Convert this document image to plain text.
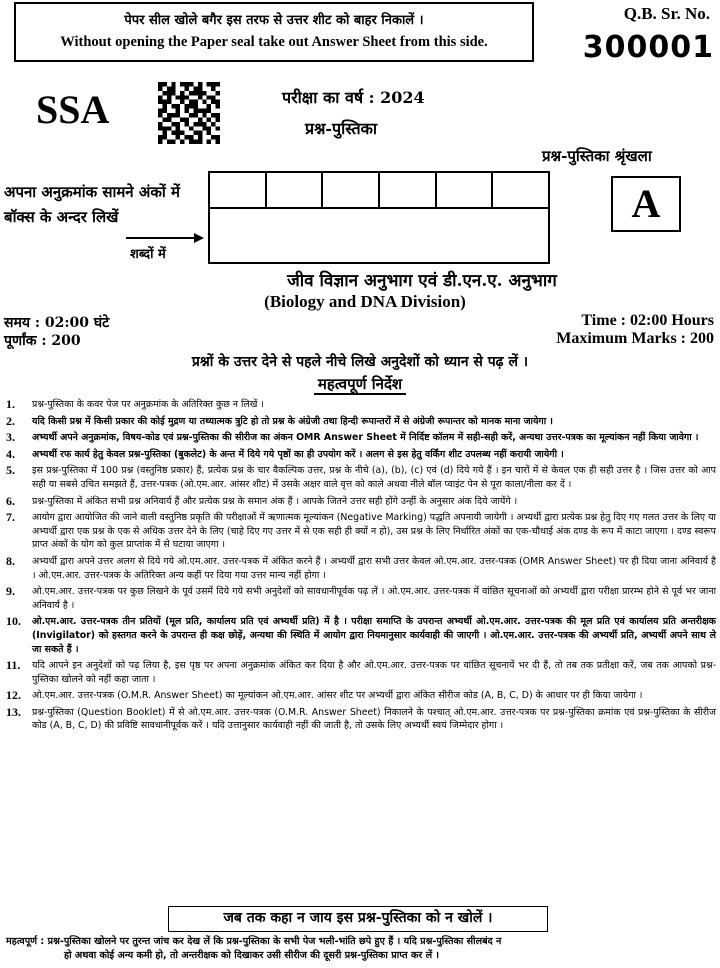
पेपर सील खोले बगैर इस तरफ से उत्तर शीट को बाहर निकालें ।
Without opening the Paper seal take out Answer Sheet from this side.
Q.B. Sr. No.
300001
SSA	परीक्षा का वर्ष : 2024
प्रश्न-पुस्तिका
प्रश्न-पुस्तिका श्रृंखला
A
अपना अनुक्रमांक सामने अंकों में
बॉक्स के अन्दर लिखें
शब्दों में
जीव विज्ञान अनुभाग एवं डी.एन.ए. अनुभाग
(Biology and DNA Division)
समय : 02:00 घंटे
पूर्णांक : 200
Time : 02:00 Hours
Maximum Marks : 200
प्रश्नों के उत्तर देने से पहले नीचे लिखे अनुदेशों को ध्यान से पढ़ लें ।
महत्वपूर्ण निर्देश
1.	प्रश्न-पुस्तिका के कवर पेज पर अनुक्रमांक के अतिरिक्त कुछ न लिखें ।
2.	यदि किसी प्रश्न में किसी प्रकार की कोई मुद्रण या तथ्यात्मक त्रुटि हो तो प्रश्न के अंग्रेजी तथा हिन्दी रूपान्तरों में से अंग्रेजी रूपान्तर को मानक माना जायेगा ।
3.	अभ्यर्थी अपने अनुक्रमांक, विषय-कोड एवं प्रश्न-पुस्तिका की सीरीज का अंकन OMR Answer Sheet में निर्दिष्ट कॉलम में सही-सही करें, अन्यथा उत्तर-पत्रक का मूल्यांकन नहीं किया जावेगा ।
4.	अभ्यर्थी रफ कार्य हेतु केवल प्रश्न-पुस्तिका (बुकलेट) के अन्त में दिये गये पृष्ठों का ही उपयोग करें । अलग से इस हेतु वर्किंग शीट उपलब्ध नहीं करायी जायेगी ।
5.	इस प्रश्न-पुस्तिका में 100 प्रश्न (वस्तुनिष्ठ प्रकार) हैं, प्रत्येक प्रश्न के चार वैकल्पिक उत्तर, प्रश्न के नीचे (a), (b), (c) एवं (d) दिये गये हैं । इन चारों में से केवल एक ही सही उत्तर है । जिस उत्तर को आप सही या सबसे उचित समझते हैं, उत्तर-पत्रक (ओ.एम.आर. आंसर शीट) में उसके अक्षर वाले वृत्त को काले अथवा नीले बॉल प्वाइंट पेन से पूरा काला/नीला कर दें ।
6.	प्रश्न-पुस्तिका में अंकित सभी प्रश्न अनिवार्य हैं और प्रत्येक प्रश्न के समान अंक हैं । आपके जितने उत्तर सही होंगे उन्हीं के अनुसार अंक दिये जायेंगे ।
7.	आयोग द्वारा आयोजित की जाने वाली वस्तुनिष्ठ प्रकृति की परीक्षाओं में ऋणात्मक मूल्यांकन (Negative Marking) पद्धति अपनायी जायेगी । अभ्यर्थी द्वारा प्रत्येक प्रश्न हेतु दिए गए गलत उत्तर के लिए या अभ्यर्थी द्वारा एक प्रश्न के एक से अधिक उत्तर देने के लिए (चाहे दिए गए उत्तर में से एक सही ही क्यों न हो), उस प्रश्न के लिए निर्धारित अंकों का एक-चौथाई अंक दण्ड के रूप में काटा जाएगा । दण्ड स्वरूप प्राप्त अंकों के योग को कुल प्राप्तांक में से घटाया जाएगा ।
8.	अभ्यर्थी द्वारा अपने उत्तर अलग से दिये गये ओ.एम.आर. उत्तर-पत्रक में अंकित करने हैं । अभ्यर्थी द्वारा सभी उत्तर केवल ओ.एम.आर. उत्तर-पत्रक (OMR Answer Sheet) पर ही दिया जाना अनिवार्य है । ओ.एम.आर. उत्तर-पत्रक के अतिरिक्त अन्य कहीं पर दिया गया उत्तर मान्य नहीं होगा ।
9.	ओ.एम.आर. उत्तर-पत्रक पर कुछ लिखने के पूर्व उसमें दिये गये सभी अनुदेशों को सावधानीपूर्वक पढ़ लें । ओ.एम.आर. उत्तर-पत्रक में वांछित सूचनाओं को अभ्यर्थी द्वारा परीक्षा प्रारम्भ होने से पूर्व भर जाना अनिवार्य है ।
10.	ओ.एम.आर. उत्तर-पत्रक तीन प्रतियों (मूल प्रति, कार्यालय प्रति एवं अभ्यर्थी प्रति) में है । परीक्षा समाप्ति के उपरान्त अभ्यर्थी ओ.एम.आर. उत्तर-पत्रक की मूल प्रति एवं कार्यालय प्रति अन्तरीक्षक (Invigilator) को हस्तगत करने के उपरान्त ही कक्ष छोड़ें, अन्यथा की स्थिति में आयोग द्वारा नियमानुसार कार्यवाही की जाएगी । ओ.एम.आर. उत्तर-पत्रक की अभ्यर्थी प्रति, अभ्यर्थी अपने साथ ले जा सकते हैं ।
11.	यदि आपने इन अनुदेशों को पढ़ लिया है, इस पृष्ठ पर अपना अनुक्रमांक अंकित कर दिया है और ओ.एम.आर. उत्तर-पत्रक पर वांछित सूचनायें भर दी हैं, तो तब तक प्रतीक्षा करें, जब तक आपको प्रश्न-पुस्तिका खोलने को नहीं कहा जाता ।
12.	ओ.एम.आर. उत्तर-पत्रक (O.M.R. Answer Sheet) का मूल्यांकन ओ.एम.आर. आंसर शीट पर अभ्यर्थी द्वारा अंकित सीरीज कोड (A, B, C, D) के आधार पर ही किया जायेगा ।
13.	प्रश्न-पुस्तिका (Question Booklet) में से ओ.एम.आर. उत्तर-पत्रक (O.M.R. Answer Sheet) निकालने के पश्चात् ओ.एम.आर. उत्तर-पत्रक पर प्रश्न-पुस्तिका क्रमांक एवं प्रश्न-पुस्तिका के सीरीज कोड (A, B, C, D) की प्रविष्टि सावधानीपूर्वक करें । यदि उत्तानुसार कार्यवाही नहीं की जाती है, तो उसके लिए अभ्यर्थी स्वयं जिम्मेदार होगा ।
जब तक कहा न जाय इस प्रश्न-पुस्तिका को न खोलें ।
महत्वपूर्ण : प्रश्न-पुस्तिका खोलने पर तुरन्त जांच कर देख लें कि प्रश्न-पुस्तिका के सभी पेज भली-भांति छपे हुए हैं । यदि प्रश्न-पुस्तिका सीलबंद न
हो अथवा कोई अन्य कमी हो, तो अन्तरीक्षक को दिखाकर उसी सीरीज की दूसरी प्रश्न-पुस्तिका प्राप्त कर लें ।
